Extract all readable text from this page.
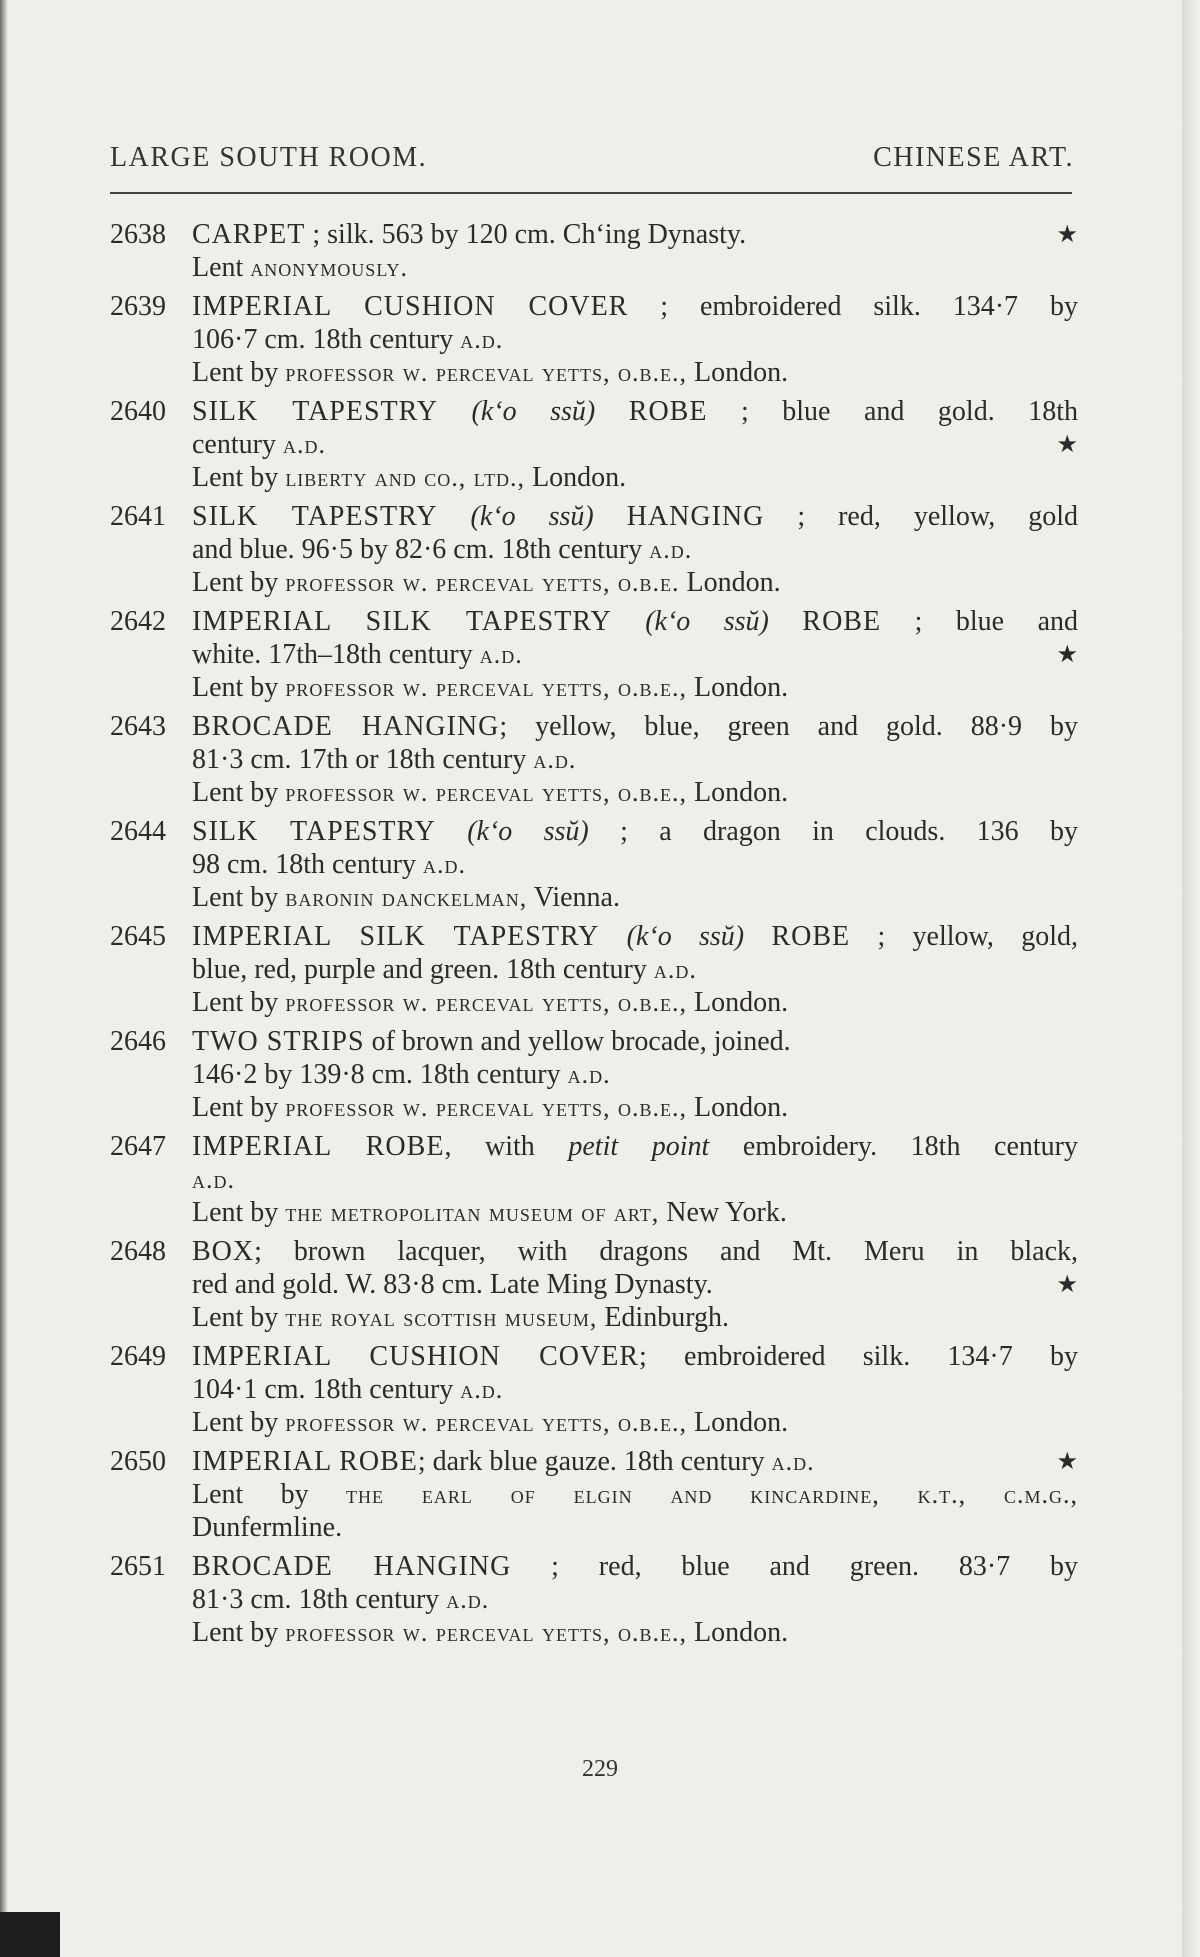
LARGE SOUTH ROOM.	CHINESE ART.
2638 CARPET ; silk. 563 by 120 cm. Ch‘ing Dynasty.	★
Lent anonymously.
2639 IMPERIAL CUSHION COVER ; embroidered silk. 134·7 by
106·7 cm. 18th century a.d.
Lent by professor w. perceval yetts, o.b.e., London.
2640 SILK TAPESTRY (k‘o ssŭ) ROBE ; blue and gold. 18th
century a.d.	★
Lent by liberty and co., ltd., London.
2641 SILK TAPESTRY (k‘o ssŭ) HANGING ; red, yellow, gold
and blue. 96·5 by 82·6 cm. 18th century a.d.
Lent by professor w. perceval yetts, o.b.e. London.
2642 IMPERIAL SILK TAPESTRY (k‘o ssŭ) ROBE ; blue and
white. 17th–18th century a.d.	★
Lent by professor w. perceval yetts, o.b.e., London.
2643 BROCADE HANGING; yellow, blue, green and gold. 88·9 by
81·3 cm. 17th or 18th century a.d.
Lent by professor w. perceval yetts, o.b.e., London.
2644 SILK TAPESTRY (k‘o ssŭ) ; a dragon in clouds. 136 by
98 cm. 18th century a.d.
Lent by baronin danckelman, Vienna.
2645 IMPERIAL SILK TAPESTRY (k‘o ssŭ) ROBE ; yellow, gold,
blue, red, purple and green. 18th century a.d.
Lent by professor w. perceval yetts, o.b.e., London.
2646 TWO STRIPS of brown and yellow brocade, joined.
146·2 by 139·8 cm. 18th century a.d.
Lent by professor w. perceval yetts, o.b.e., London.
2647 IMPERIAL ROBE, with petit point embroidery. 18th century
a.d.
Lent by the metropolitan museum of art, New York.
2648 BOX; brown lacquer, with dragons and Mt. Meru in black,
red and gold. W. 83·8 cm. Late Ming Dynasty.	★
Lent by the royal scottish museum, Edinburgh.
2649 IMPERIAL CUSHION COVER; embroidered silk. 134·7 by
104·1 cm. 18th century a.d.
Lent by professor w. perceval yetts, o.b.e., London.
2650 IMPERIAL ROBE; dark blue gauze. 18th century a.d.	★
Lent by the earl of elgin and kincardine, k.t., c.m.g.,
Dunfermline.
2651 BROCADE HANGING ; red, blue and green. 83·7 by
81·3 cm. 18th century a.d.
Lent by professor w. perceval yetts, o.b.e., London.
229
